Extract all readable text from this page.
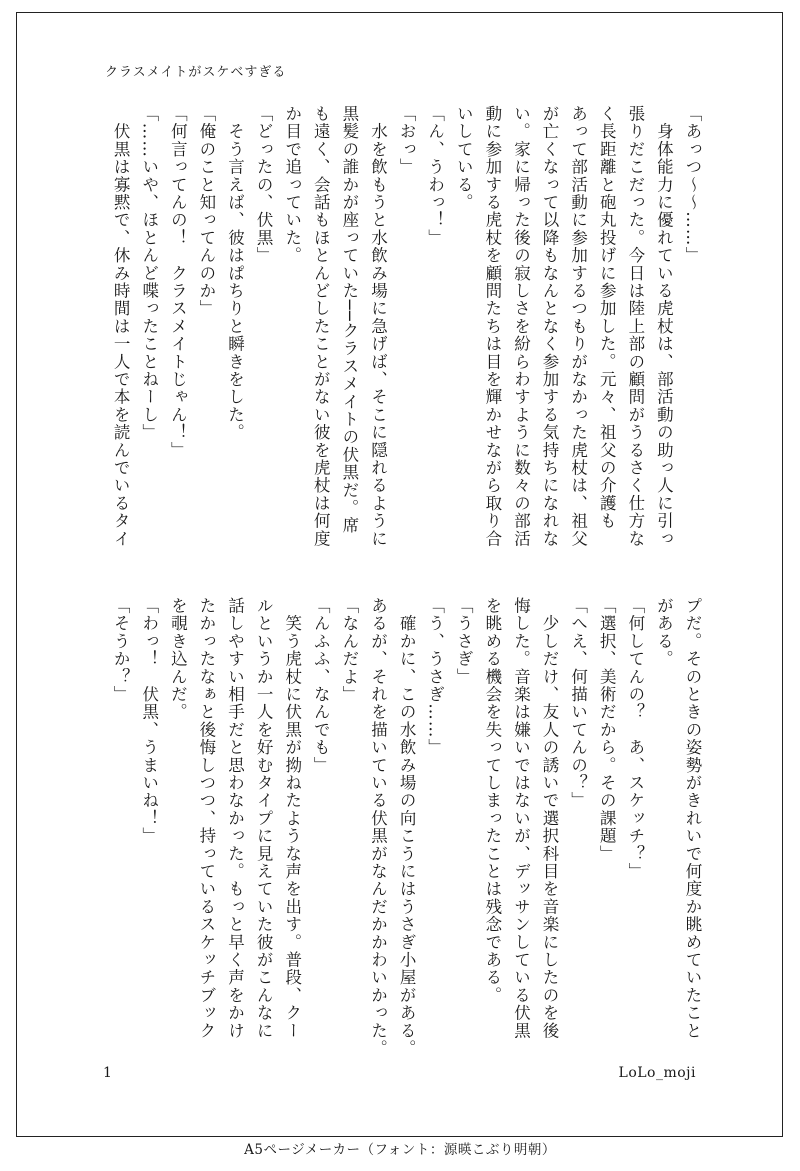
クラスメイトがスケベすぎる
「あっつ〜〜……」
　身体能力に優れている虎杖は、部活動の助っ人に引っ
張りだこだった。今日は陸上部の顧問がうるさく仕方な
く長距離と砲丸投げに参加した。元々、祖父の介護も
あって部活動に参加するつもりがなかった虎杖は、祖父
が亡くなって以降もなんとなく参加する気持ちになれな
い。家に帰った後の寂しさを紛らわすように数々の部活
動に参加する虎杖を顧問たちは目を輝かせながら取り合
いしている。
「ん、うわっ！」
「おっ」
　水を飲もうと水飲み場に急げば、そこに隠れるように
黒髪の誰かが座っていた──クラスメイトの伏黒だ。席
も遠く、会話もほとんどしたことがない彼を虎杖は何度
か目で追っていた。
「どったの、伏黒」
　そう言えば、彼はぱちりと瞬きをした。
「俺のこと知ってんのか」
「何言ってんの！　クラスメイトじゃん！」
「……いや、ほとんど喋ったことねーし」
　伏黒は寡黙で、休み時間は一人で本を読んでいるタイ
プだ。そのときの姿勢がきれいで何度か眺めていたこと
がある。
「何してんの？　あ、スケッチ？」
「選択、美術だから。その課題」
「へえ、何描いてんの？」
　少しだけ、友人の誘いで選択科目を音楽にしたのを後
悔した。音楽は嫌いではないが、デッサンしている伏黒
を眺める機会を失ってしまったことは残念である。
「うさぎ」
「う、うさぎ……」
　確かに、この水飲み場の向こうにはうさぎ小屋がある。
あるが、それを描いている伏黒がなんだかかわいかった。
「なんだよ」
「んふふ、なんでも」
　笑う虎杖に伏黒が拗ねたような声を出す。普段、クー
ルというか一人を好むタイプに見えていた彼がこんなに
話しやすい相手だと思わなかった。もっと早く声をかけ
たかったなぁと後悔しつつ、持っているスケッチブック
を覗き込んだ。
「わっ！　伏黒、うまいね！」
「そうか？」
1	LoLo_moji
A5ページメーカー（フォント：源暎こぶり明朝）
